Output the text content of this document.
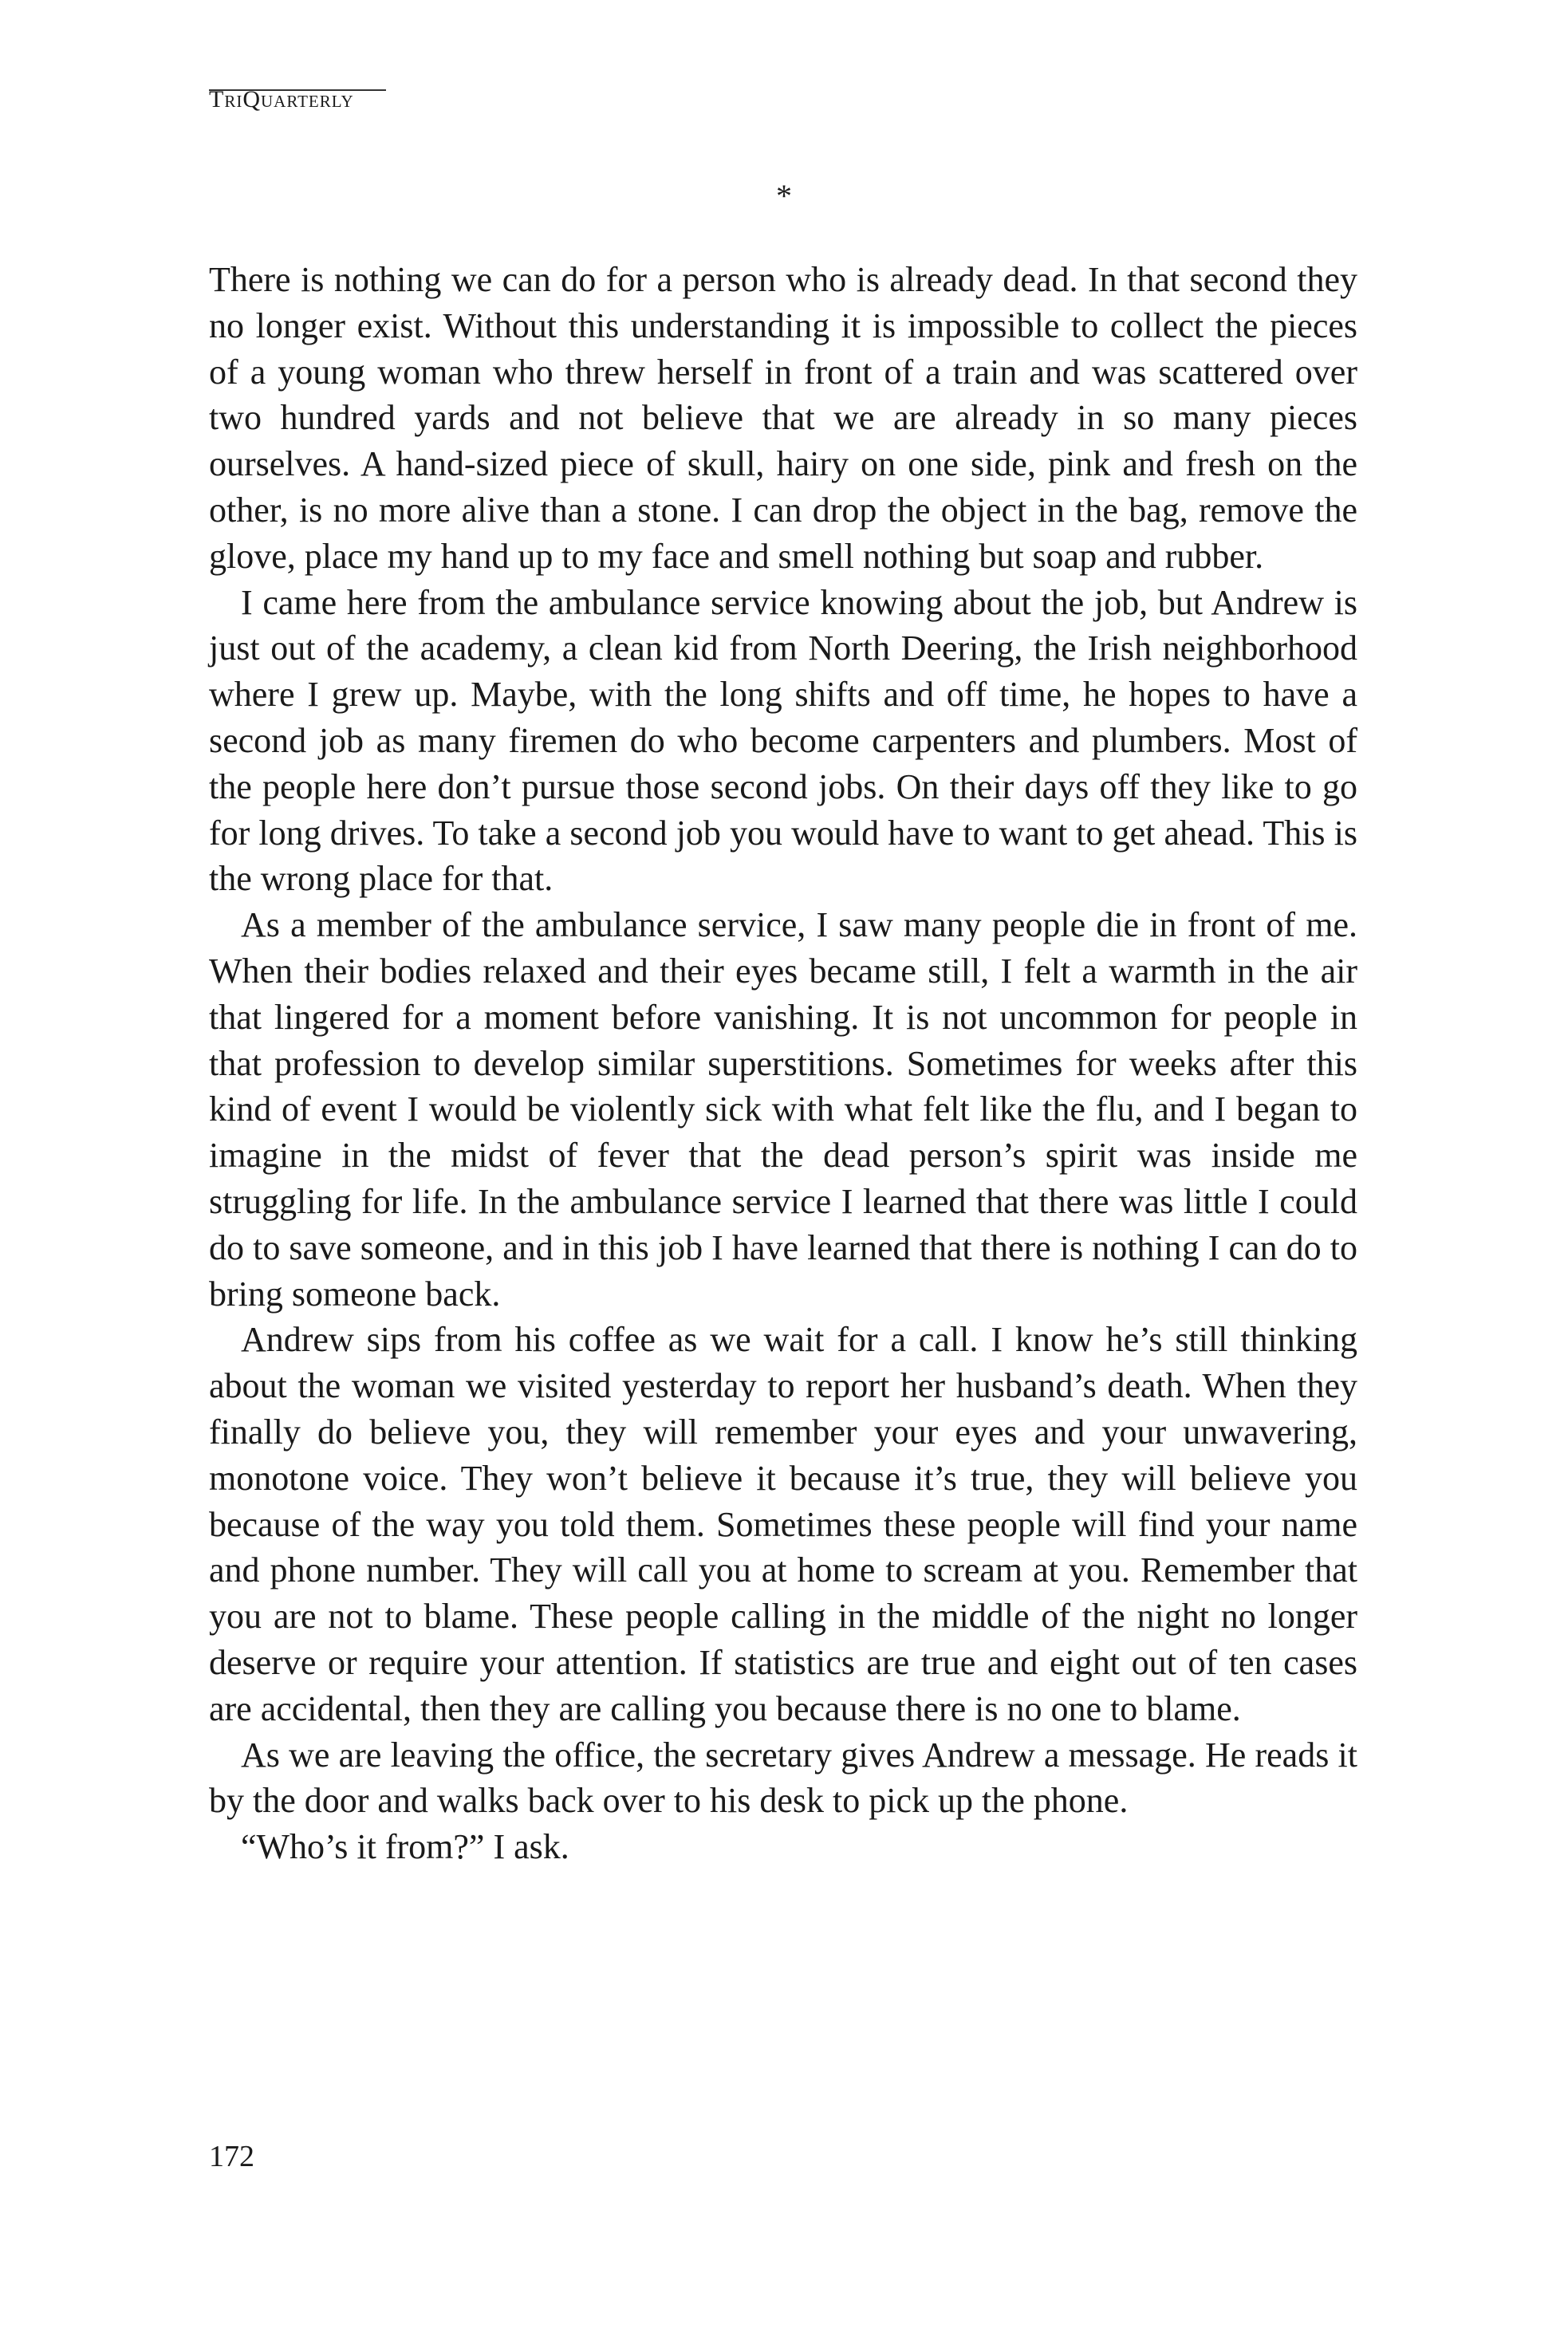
TriQuarterly
*

There is nothing we can do for a person who is already dead. In that second they no longer exist. Without this understanding it is impossible to collect the pieces of a young woman who threw herself in front of a train and was scattered over two hundred yards and not believe that we are already in so many pieces ourselves. A hand-sized piece of skull, hairy on one side, pink and fresh on the other, is no more alive than a stone. I can drop the object in the bag, remove the glove, place my hand up to my face and smell nothing but soap and rubber.

I came here from the ambulance service knowing about the job, but Andrew is just out of the academy, a clean kid from North Deering, the Irish neighborhood where I grew up. Maybe, with the long shifts and off time, he hopes to have a second job as many firemen do who become carpenters and plumbers. Most of the people here don’t pursue those second jobs. On their days off they like to go for long drives. To take a second job you would have to want to get ahead. This is the wrong place for that.

As a member of the ambulance service, I saw many people die in front of me. When their bodies relaxed and their eyes became still, I felt a warmth in the air that lingered for a moment before vanishing. It is not uncommon for people in that profession to develop similar superstitions. Sometimes for weeks after this kind of event I would be violently sick with what felt like the flu, and I began to imagine in the midst of fever that the dead person’s spirit was inside me struggling for life. In the ambulance service I learned that there was little I could do to save someone, and in this job I have learned that there is nothing I can do to bring someone back.

Andrew sips from his coffee as we wait for a call. I know he’s still thinking about the woman we visited yesterday to report her husband’s death. When they finally do believe you, they will remember your eyes and your unwavering, monotone voice. They won’t believe it because it’s true, they will believe you because of the way you told them. Sometimes these people will find your name and phone number. They will call you at home to scream at you. Remember that you are not to blame. These people calling in the middle of the night no longer deserve or require your attention. If statistics are true and eight out of ten cases are accidental, then they are calling you because there is no one to blame.

As we are leaving the office, the secretary gives Andrew a message. He reads it by the door and walks back over to his desk to pick up the phone.

“Who’s it from?” I ask.

172
